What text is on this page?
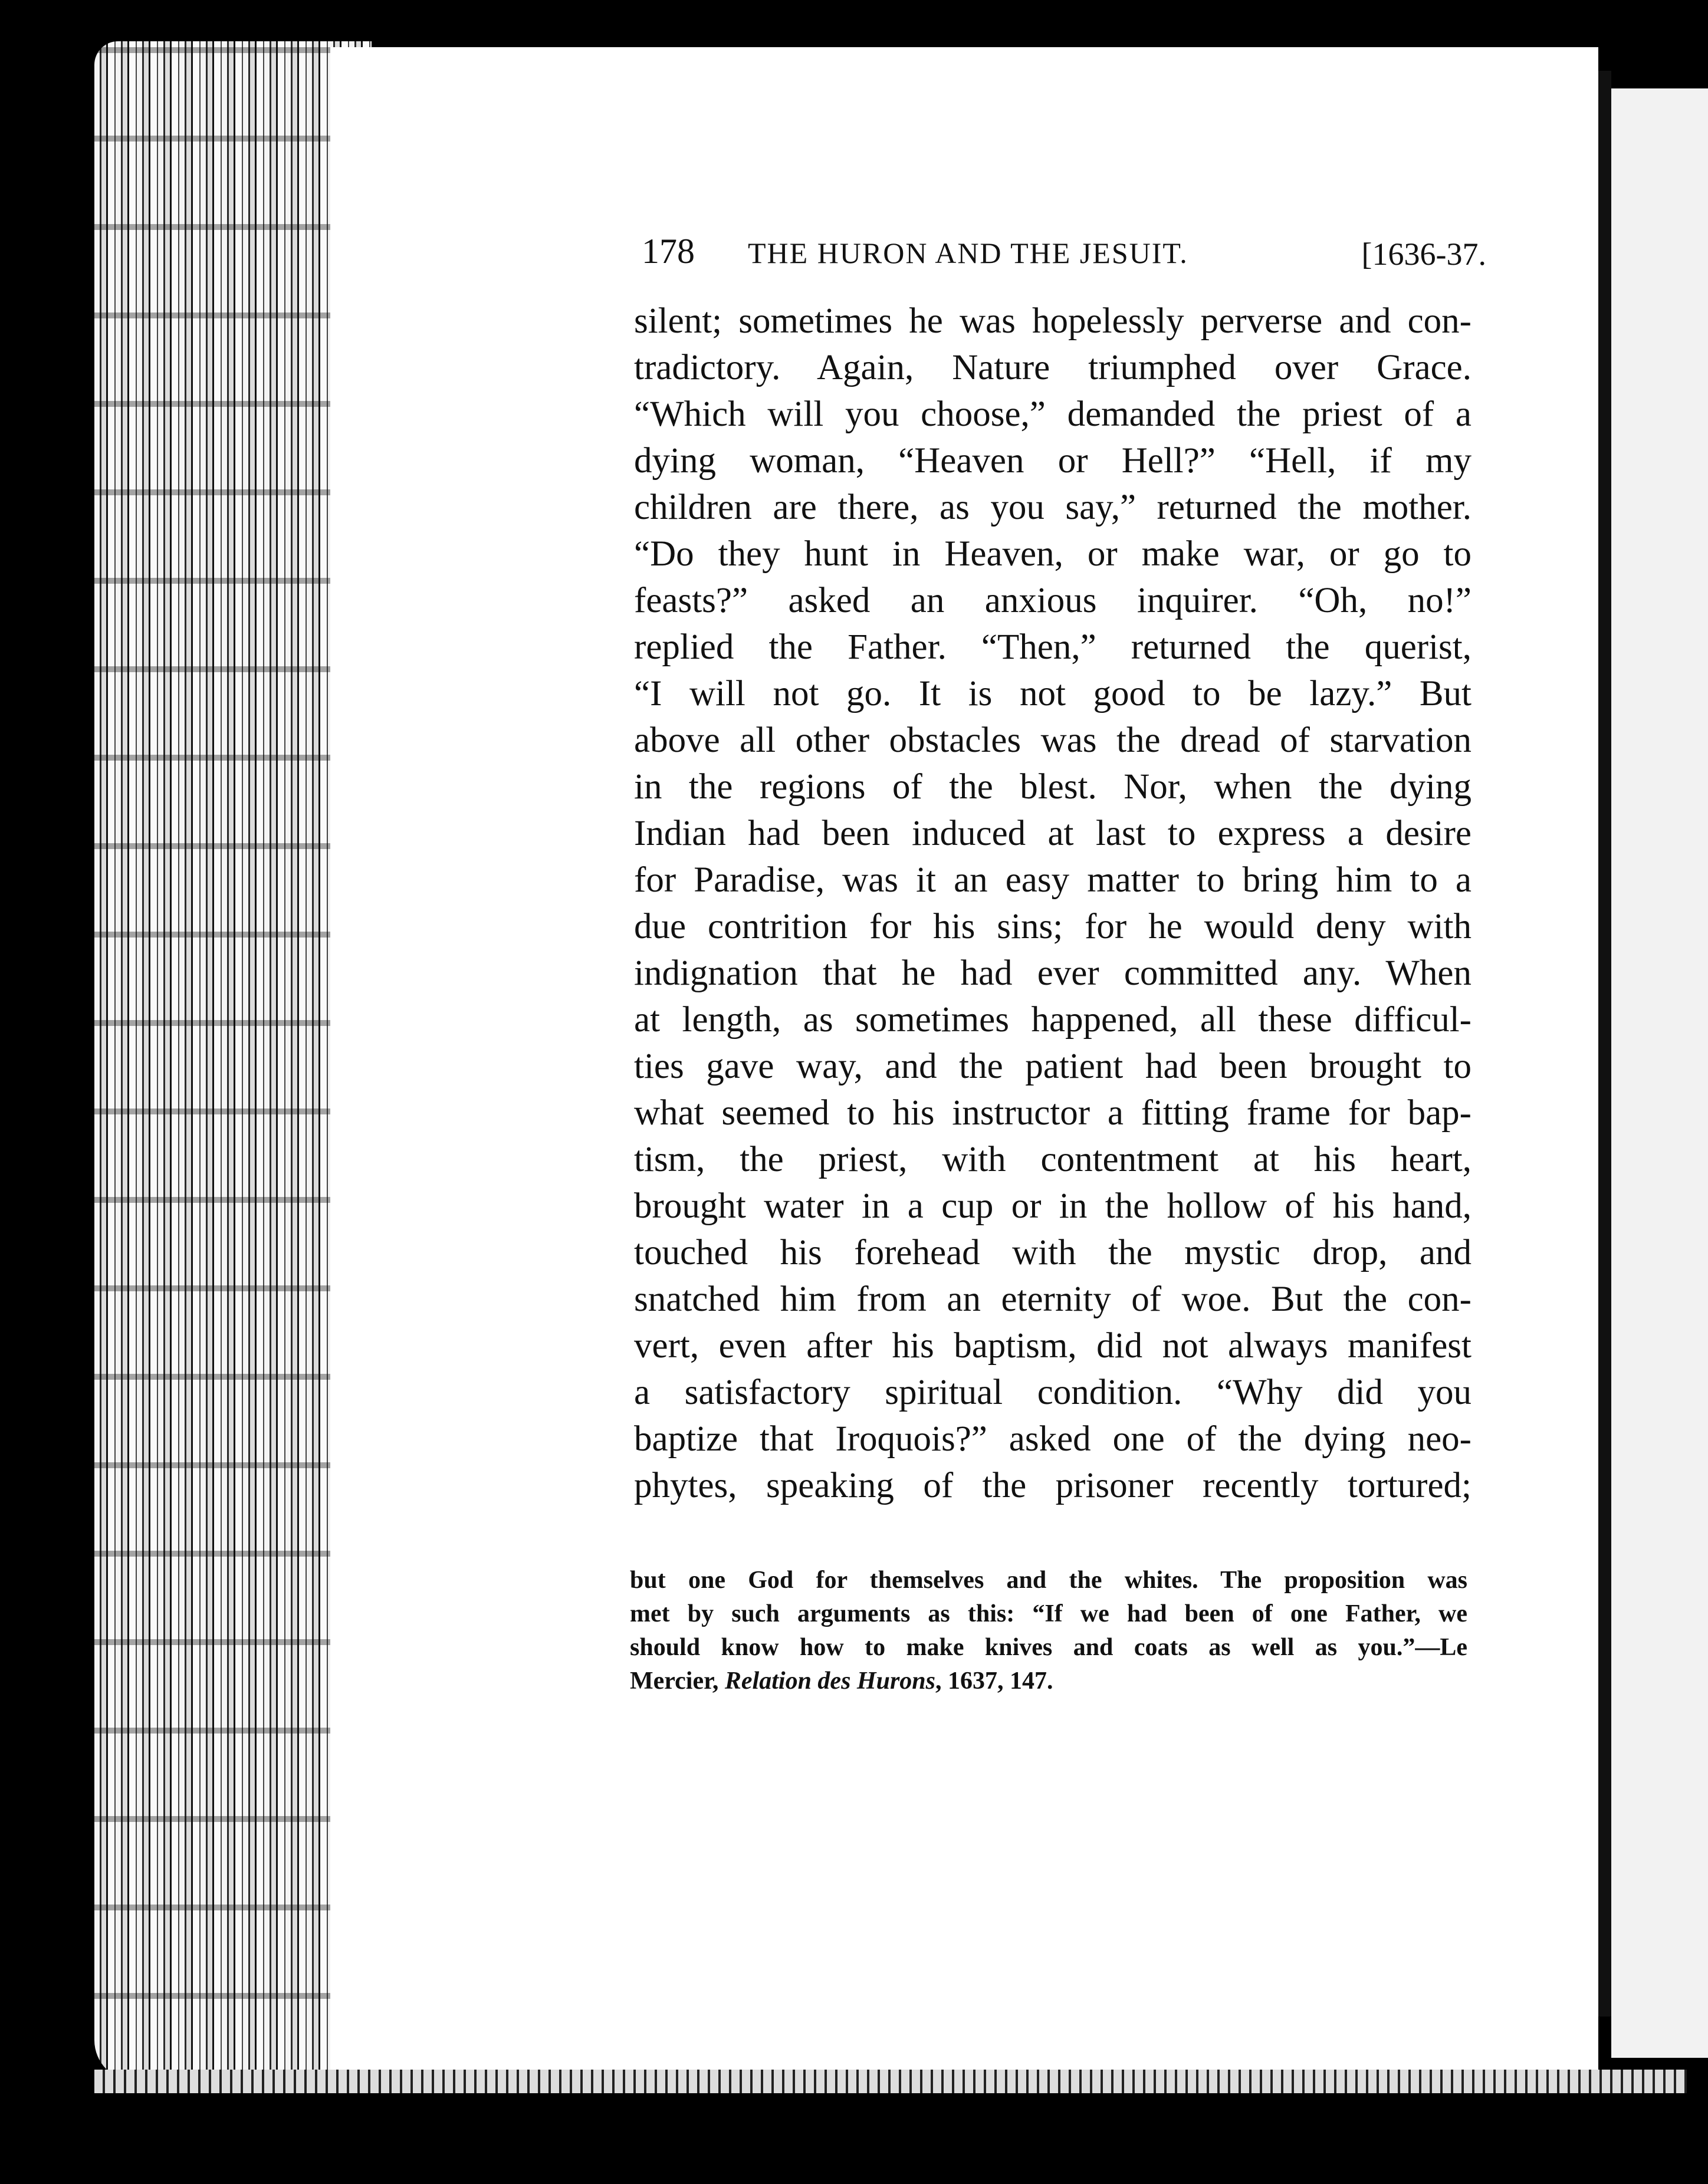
178 THE HURON AND THE JESUIT.	[1636-37.
silent; sometimes he was hopelessly perverse and con‑
tradictory. Again, Nature triumphed over Grace.
“Which will you choose,” demanded the priest of a
dying woman, “Heaven or Hell?” “Hell, if my
children are there, as you say,” returned the mother.
“Do they hunt in Heaven, or make war, or go to
feasts?” asked an anxious inquirer. “Oh, no!”
replied the Father. “Then,” returned the querist,
“I will not go. It is not good to be lazy.” But
above all other obstacles was the dread of starvation
in the regions of the blest. Nor, when the dying
Indian had been induced at last to express a desire
for Paradise, was it an easy matter to bring him to a
due contrition for his sins; for he would deny with
indignation that he had ever committed any. When
at length, as sometimes happened, all these difficul-
ties gave way, and the patient had been brought to
what seemed to his instructor a fitting frame for bap-
tism, the priest, with contentment at his heart,
brought water in a cup or in the hollow of his hand,
touched his forehead with the mystic drop, and
snatched him from an eternity of woe. But the con-
vert, even after his baptism, did not always manifest
a satisfactory spiritual condition. “Why did you
baptize that Iroquois?” asked one of the dying neo-
phytes, speaking of the prisoner recently tortured;
but one God for themselves and the whites. The proposition was
met by such arguments as this: “If we had been of one Father, we
should know how to make knives and coats as well as you.”—Le
Mercier, Relation des Hurons, 1637, 147.
